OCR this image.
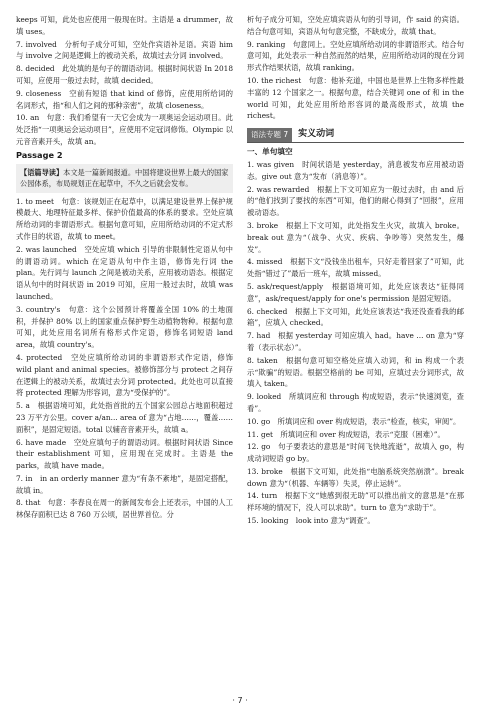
keeps 可知，此处也应使用一般现在时。主语是 a drummer，故填 uses。

7. involved　分析句子成分可知，空处作宾语补足语。宾语 him 与 involve 之间是逻辑上的被动关系，故填过去分词 involved。

8. decided　此处填的是句子的谓语动词。根据时间状语 In 2018 可知，应使用一般过去时，故填 decided。

9. closeness　空前有短语 that kind of 修饰，应使用所给词的名词形式，指“和人们之间的那种亲密”，故填 closeness。

10. an　句意：我们希望有一天它会成为一项奥运会运动项目。此处泛指“一项奥运会运动项目”，应使用不定冠词修饰。Olympic 以元音音素开头，故填 an。

Passage 2
【语篇导读】本文是一篇新闻报道。中国将建设世界上最大的国家公园体系，布局规划正在起草中，不久之后就会发布。

1. to meet　句意：该规划正在起草中，以满足建设世界上保护规模最大、地理特征最多样、保护价值最高的体系的要求。空处应填所给动词的非谓语形式。根据句意可知，应用所给动词的不定式形式作目的状语，故填 to meet。

2. was launched　空处应填 which 引导的非限制性定语从句中的谓语动词。which 在定语从句中作主语，修饰先行词 the plan。先行词与 launch 之间是被动关系，应用被动语态。根据定语从句中的时间状语 in 2019 可知，应用一般过去时，故填 was launched。

3. country's　句意：这个公园预计将覆盖全国 10% 的土地面积，并保护 80% 以上的国家重点保护野生动植物物种。根据句意可知，此处应用名词所有格形式作定语，修饰名词短语 land area，故填 country's。

4. protected　空处应填所给动词的非谓语形式作定语，修饰 wild plant and animal species。被修饰部分与 protect 之间存在逻辑上的被动关系，故填过去分词 protected。此处也可以直接将 protected 理解为形容词，意为“受保护的”。

5. a　根据语境可知，此处指首批的五个国家公园总占地面积超过 23 万平方公里。cover a/an... area of 意为“占地……，覆盖……面积”，是固定短语。total 以辅音音素开头，故填 a。

6. have made　空处应填句子的谓语动词。根据时间状语 Since their establishment 可知，应用现在完成时。主语是 the parks，故填 have made。

7. in　in an orderly manner 意为“有条不紊地”，是固定搭配，故填 in。

8. that　句意：李春良在周一的新闻发布会上还表示，中国的人工林保存面积已达 8 760 万公顷，居世界首位。分

析句子成分可知，空处应填宾语从句的引导词，作 said 的宾语。结合句意可知，宾语从句句意完整，不缺成分，故填 that。

9. ranking　句意同上。空处应填所给动词的非谓语形式。结合句意可知，此处表示一种自然而然的结果，应用所给动词的现在分词形式作结果状语，故填 ranking。

10. the richest　句意：他补充道，中国也是世界上生物多样性最丰富的 12 个国家之一。根据句意，结合关键词 one of 和 in the world 可知，此处应用所给形容词的最高级形式，故填 the richest。

语法专题 7	实义动词
一、单句填空

1. was given　时间状语是 yesterday，消息被发布应用被动语态。give out 意为“发布（消息等）”。

2. was rewarded　根据上下文可知应为一般过去时，由 and 后的“他们找到了要找的东西”可知，他们的耐心得到了“回报”，应用被动语态。

3. broke　根据上下文可知，此处指发生火灾，故填入 broke。break out 意为“（战争、火灾、疾病、争吵等）突然发生，爆发”。

4. missed　根据下文“没钱坐出租车，只好走着回家了”可知，此处指“错过了”最后一班车，故填 missed。

5. ask/request/apply　根据语境可知，此处应该表达“征得同意”，ask/request/apply for one's permission 是固定短语。

6. checked　根据上下文可知，此处应该表达“我还没查看我的邮箱”，应填入 checked。

7. had　根据 yesterday 可知应填入 had。have ... on 意为“穿着（表示状态）”。

8. taken　根据句意可知空格处应填入动词，和 in 构成一个表示“欺骗”的短语。根据空格前的 be 可知，应填过去分词形式，故填入 taken。

9. looked　所填词应和 through 构成短语，表示“快速浏览，查看”。

10. go　所填词应和 over 构成短语，表示“检查，核实，审阅”。

11. get　所填词应和 over 构成短语，表示“克服（困难）”。

12. go　句子要表达的意思是“时间飞快地流逝”，故填入 go，构成动词短语 go by。

13. broke　根据下文可知，此处指“电脑系统突然崩溃”。break down 意为“（机器、车辆等）失灵，停止运转”。

14. turn　根据下文“她感到很无助”可以推出前文的意思是“在那样环境的情况下，没人可以求助”。turn to 意为“求助于”。

15. looking　look into 意为“调查”。

· 7 ·
